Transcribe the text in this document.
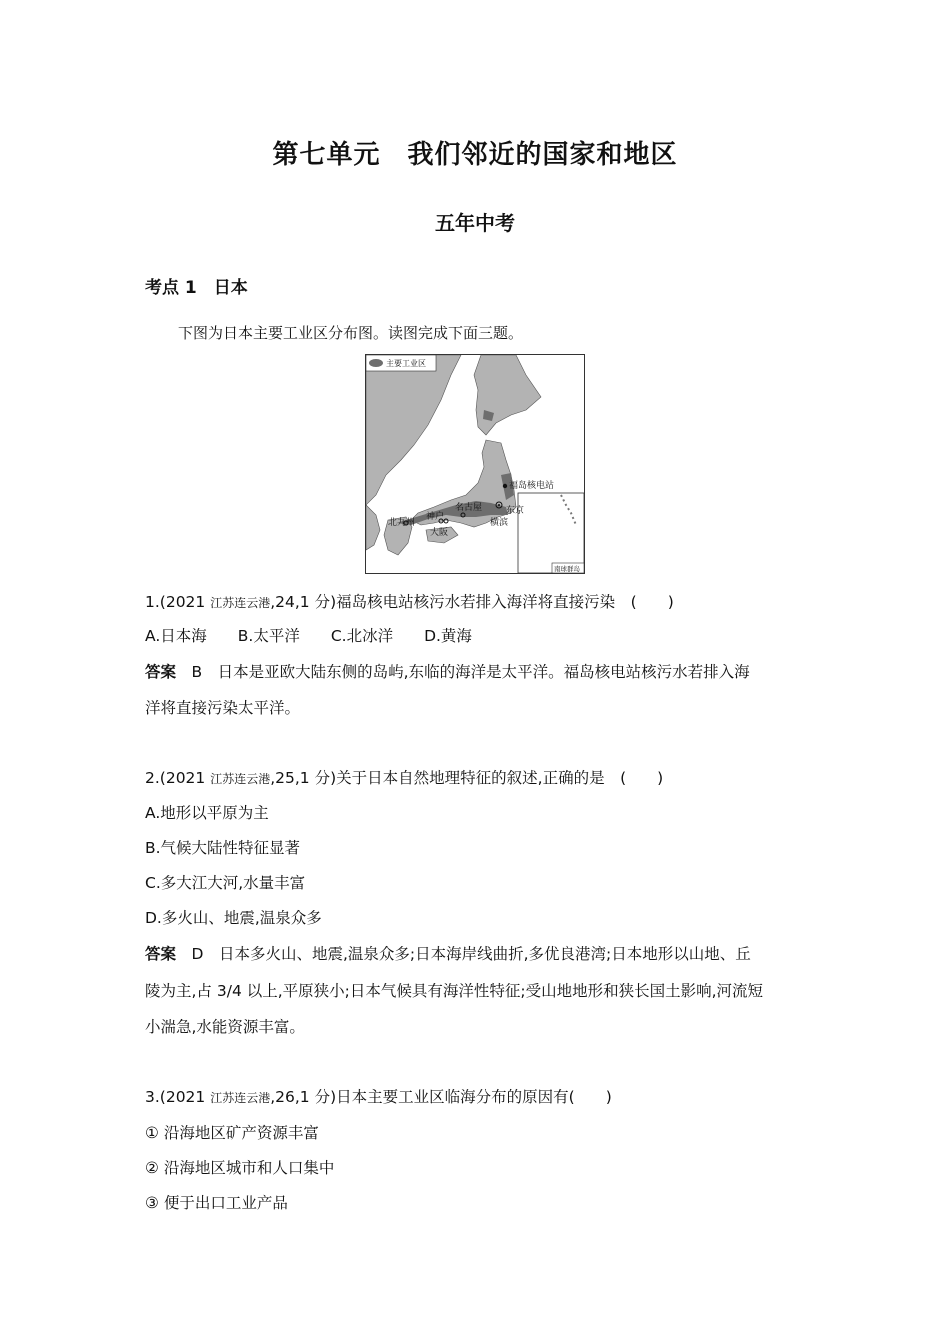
第七单元　我们邻近的国家和地区
五年中考
考点 1　日本
下图为日本主要工业区分布图。读图完成下面三题。
主要工业区
福岛核电站
名古屋	东京
横滨
神户
大阪
北九州
南球群岛
1.(2021 江苏连云港,24,1 分)福岛核电站核污水若排入海洋将直接污染　(　　)
A.日本海　　B.太平洋　　C.北冰洋　　D.黄海
答案　B　日本是亚欧大陆东侧的岛屿,东临的海洋是太平洋。福岛核电站核污水若排入海
洋将直接污染太平洋。
2.(2021 江苏连云港,25,1 分)关于日本自然地理特征的叙述,正确的是　(　　)
A.地形以平原为主
B.气候大陆性特征显著
C.多大江大河,水量丰富
D.多火山、地震,温泉众多
答案　D　日本多火山、地震,温泉众多;日本海岸线曲折,多优良港湾;日本地形以山地、丘
陵为主,占 3/4 以上,平原狭小;日本气候具有海洋性特征;受山地地形和狭长国土影响,河流短
小湍急,水能资源丰富。
3.(2021 江苏连云港,26,1 分)日本主要工业区临海分布的原因有(　　)
① 沿海地区矿产资源丰富
② 沿海地区城市和人口集中
③ 便于出口工业产品
